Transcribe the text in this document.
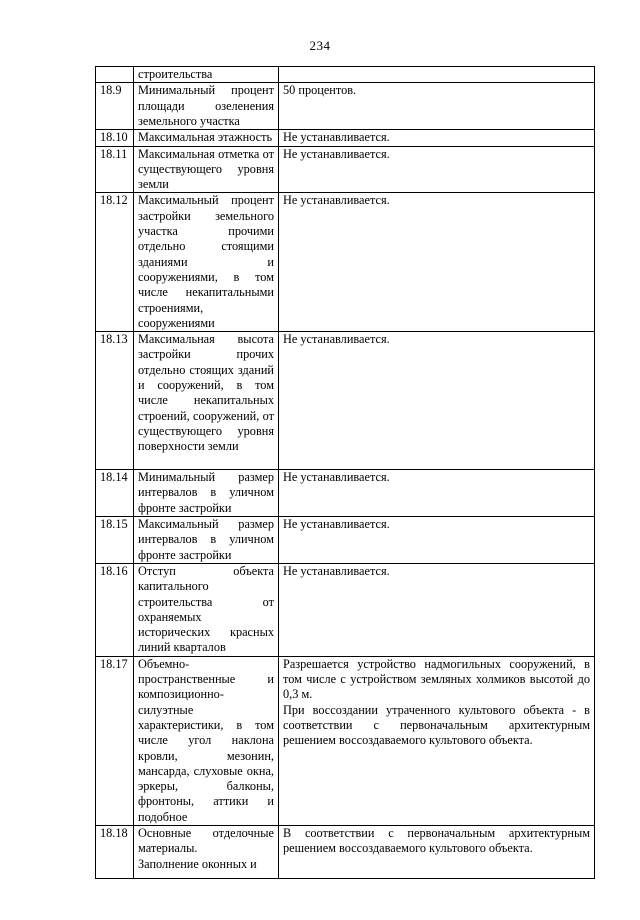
234
	строительства	
18.9	Минимальный процент площади озеленения земельного участка	50 процентов.
18.10	Максимальная этажность	Не устанавливается.
18.11	Максимальная отметка от существующего уровня земли	Не устанавливается.
18.12	Максимальный процент застройки земельного участка прочими отдельно стоящими зданиями и сооружениями, в том числе некапитальными строениями, сооружениями	Не устанавливается.
18.13	Максимальная высота застройки прочих отдельно стоящих зданий и сооружений, в том числе некапитальных строений, сооружений, от существующего уровня поверхности земли	Не устанавливается.
18.14	Минимальный размер интервалов в уличном фронте застройки	Не устанавливается.
18.15	Максимальный размер интервалов в уличном фронте застройки	Не устанавливается.
18.16	Отступ объекта капитального строительства от охраняемых исторических красных линий кварталов	Не устанавливается.
18.17	Объемно-пространственные и композиционно-силуэтные характеристики, в том числе угол наклона кровли, мезонин, мансарда, слуховые окна, эркеры, балконы, фронтоны, аттики и подобное	Разрешается устройство надмогильных сооружений, в том числе с устройством земляных холмиков высотой до 0,3 м.
При воссоздании утраченного культового объекта - в соответствии с первоначальным архитектурным решением воссоздаваемого культового объекта.

18.18	Основные отделочные материалы.
Заполнение оконных и	В соответствии с первоначальным архитектурным решением воссоздаваемого культового объекта.
